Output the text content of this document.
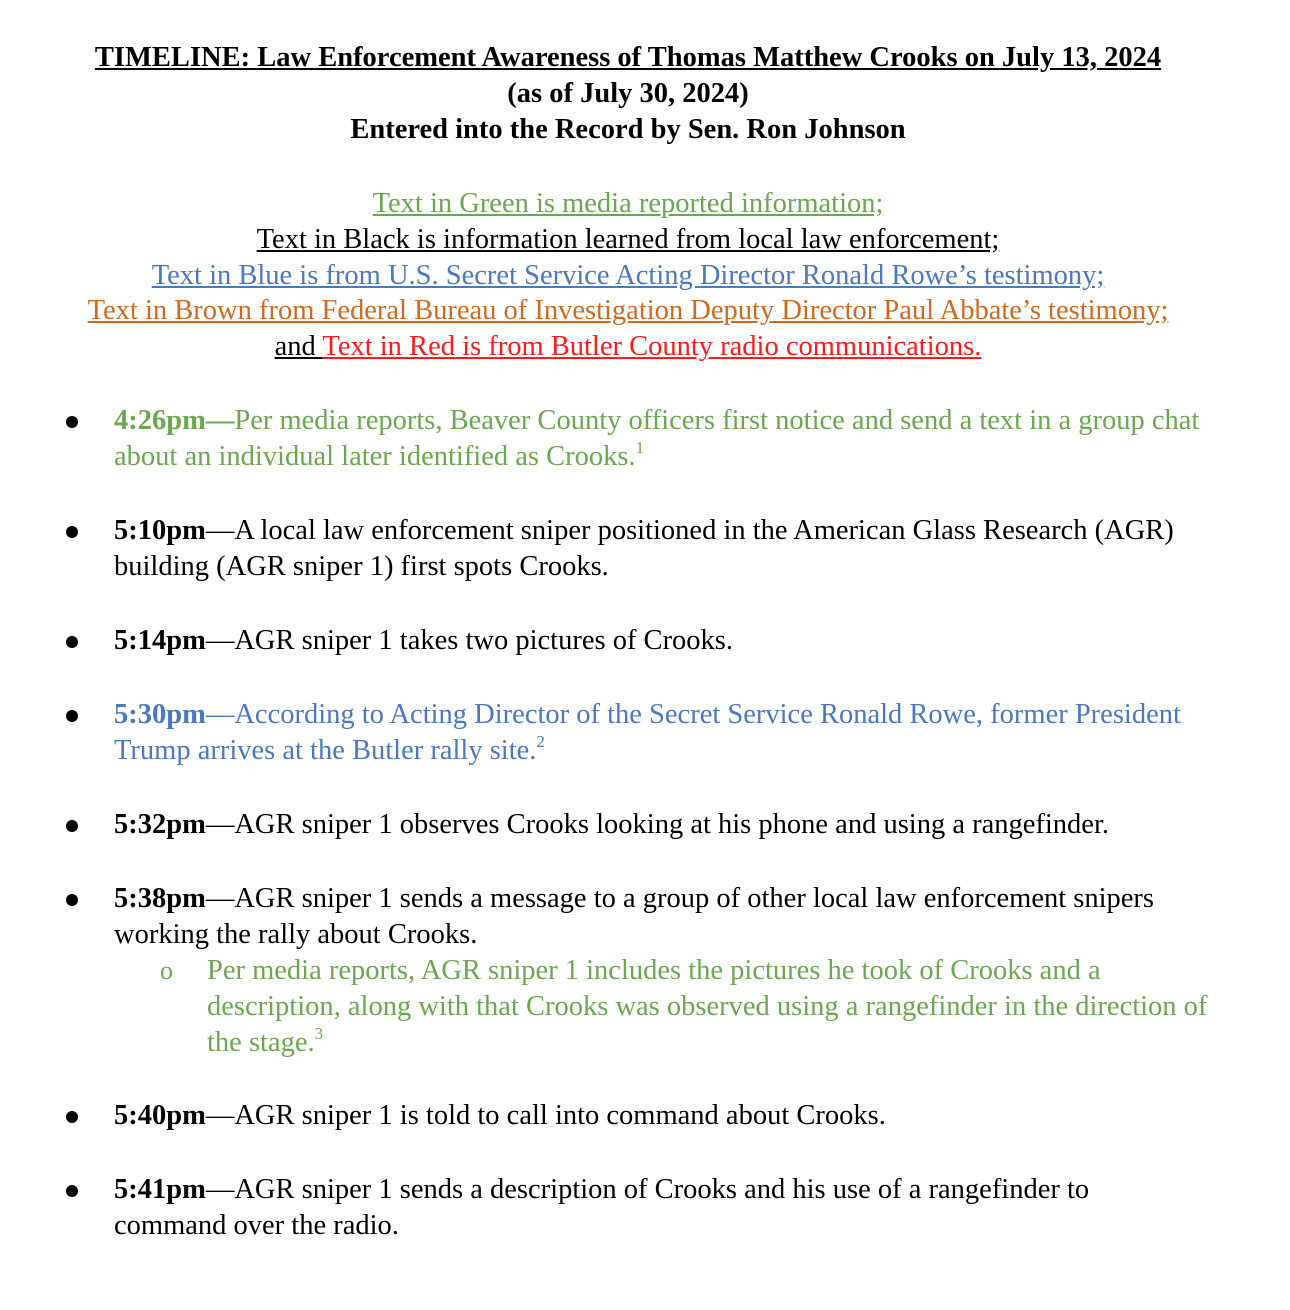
TIMELINE: Law Enforcement Awareness of Thomas Matthew Crooks on July 13, 2024
(as of July 30, 2024)
Entered into the Record by Sen. Ron Johnson
Text in Green is media reported information;
Text in Black is information learned from local law enforcement;
Text in Blue is from U.S. Secret Service Acting Director Ronald Rowe’s testimony;
Text in Brown from Federal Bureau of Investigation Deputy Director Paul Abbate’s testimony;
and Text in Red is from Butler County radio communications.
4:26pm—Per media reports, Beaver County officers first notice and send a text in a group chat about an individual later identified as Crooks.$^1$
5:10pm—A local law enforcement sniper positioned in the American Glass Research (AGR) building (AGR sniper 1) first spots Crooks.
5:14pm—AGR sniper 1 takes two pictures of Crooks.
5:30pm—According to Acting Director of the Secret Service Ronald Rowe, former President Trump arrives at the Butler rally site.$^2$
5:32pm—AGR sniper 1 observes Crooks looking at his phone and using a rangefinder.
5:38pm—AGR sniper 1 sends a message to a group of other local law enforcement snipers working the rally about Crooks.
o Per media reports, AGR sniper 1 includes the pictures he took of Crooks and a description, along with that Crooks was observed using a rangefinder in the direction of the stage.$^3$
5:40pm—AGR sniper 1 is told to call into command about Crooks.
5:41pm—AGR sniper 1 sends a description of Crooks and his use of a rangefinder to command over the radio.
